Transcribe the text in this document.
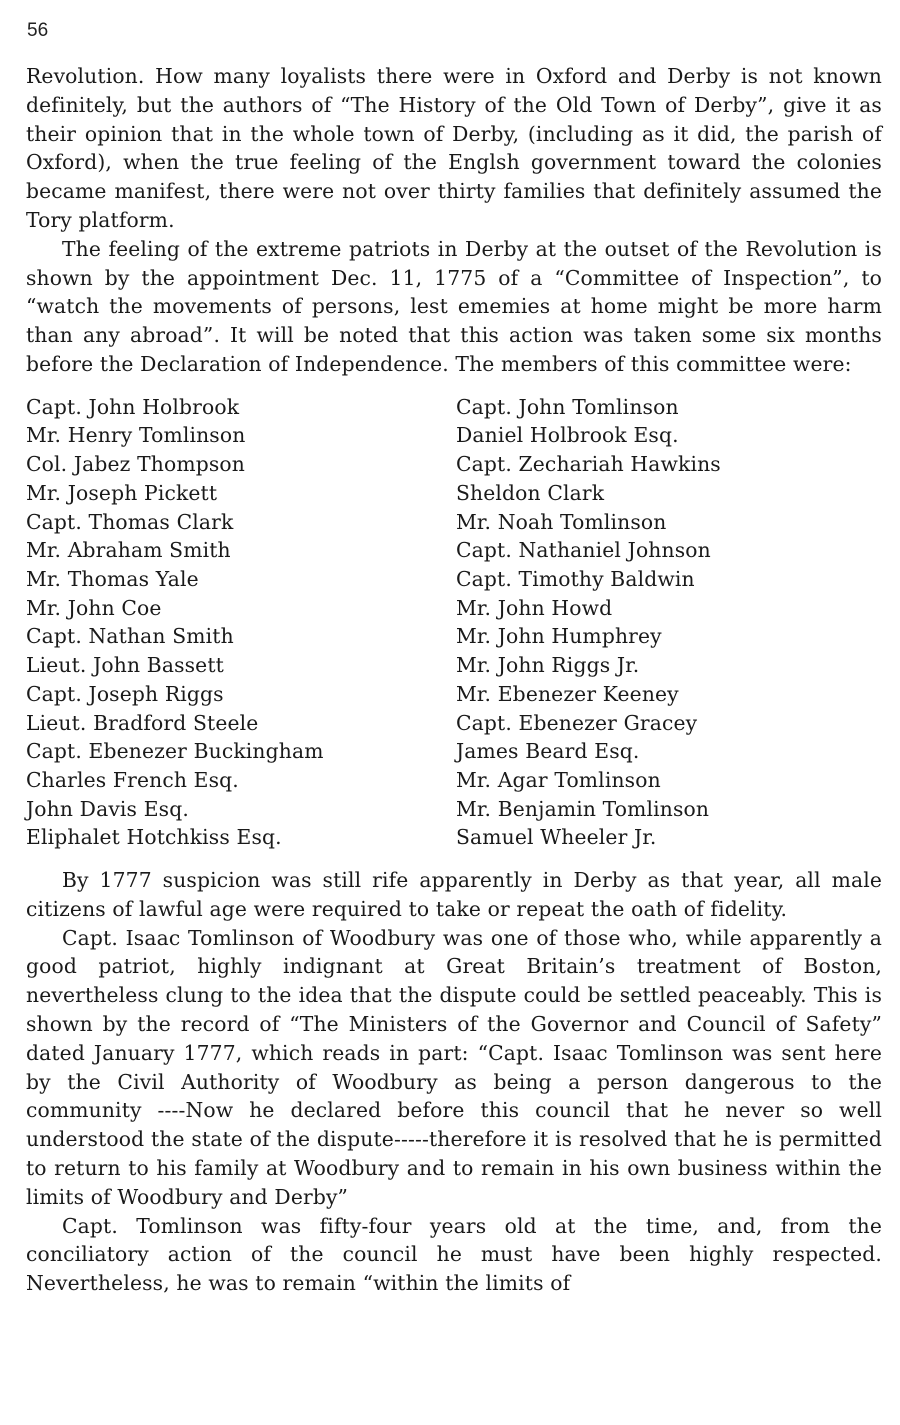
56

Revolution. How many loyalists there were in Oxford and Derby is not known definitely, but the authors of “The History of the Old Town of Derby”, give it as their opinion that in the whole town of Derby, (including as it did, the parish of Oxford), when the true feeling of the Englsh government toward the colonies became manifest, there were not over thirty families that definitely assumed the Tory platform.

The feeling of the extreme patriots in Derby at the outset of the Revolution is shown by the appointment Dec. 11, 1775 of a “Committee of Inspection”, to “watch the movements of persons, lest ememies at home might be more harm than any abroad”. It will be noted that this action was taken some six months before the Declaration of Independence. The members of this committee were:

Capt. John Holbrook
Mr. Henry Tomlinson
Col. Jabez Thompson
Mr. Joseph Pickett
Capt. Thomas Clark
Mr. Abraham Smith
Mr. Thomas Yale
Mr. John Coe
Capt. Nathan Smith
Lieut. John Bassett
Capt. Joseph Riggs
Lieut. Bradford Steele
Capt. Ebenezer Buckingham
Charles French Esq.
John Davis Esq.
Eliphalet Hotchkiss Esq.
Capt. John Tomlinson
Daniel Holbrook Esq.
Capt. Zechariah Hawkins
Sheldon Clark
Mr. Noah Tomlinson
Capt. Nathaniel Johnson
Capt. Timothy Baldwin
Mr. John Howd
Mr. John Humphrey
Mr. John Riggs Jr.
Mr. Ebenezer Keeney
Capt. Ebenezer Gracey
James Beard Esq.
Mr. Agar Tomlinson
Mr. Benjamin Tomlinson
Samuel Wheeler Jr.

By 1777 suspicion was still rife apparently in Derby as that year, all male citizens of lawful age were required to take or repeat the oath of fidelity.

Capt. Isaac Tomlinson of Woodbury was one of those who, while apparently a good patriot, highly indignant at Great Britain’s treatment of Boston, nevertheless clung to the idea that the dispute could be settled peaceably. This is shown by the record of “The Ministers of the Governor and Council of Safety” dated January 1777, which reads in part: “Capt. Isaac Tomlinson was sent here by the Civil Authority of Woodbury as being a person dangerous to the community ----Now he declared before this council that he never so well understood the state of the dispute-----therefore it is resolved that he is permitted to return to his family at Woodbury and to remain in his own business within the limits of Woodbury and Derby”

Capt. Tomlinson was fifty-four years old at the time, and, from the conciliatory action of the council he must have been highly respected. Nevertheless, he was to remain “within the limits of
